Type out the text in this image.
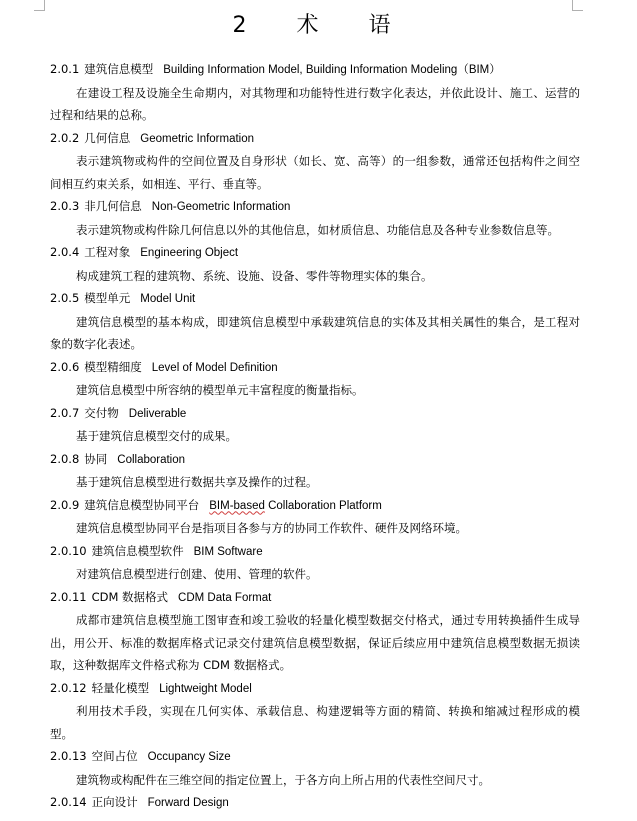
2　术　语
2.0.1 建筑信息模型 Building Information Model, Building Information Modeling（BIM）

在建设工程及设施全生命期内，对其物理和功能特性进行数字化表达，并依此设计、施工、运营的过程和结果的总称。

2.0.2 几何信息 Geometric Information

表示建筑物或构件的空间位置及自身形状（如长、宽、高等）的一组参数，通常还包括构件之间空间相互约束关系，如相连、平行、垂直等。

2.0.3 非几何信息 Non-Geometric Information

表示建筑物或构件除几何信息以外的其他信息，如材质信息、功能信息及各种专业参数信息等。

2.0.4 工程对象 Engineering Object

构成建筑工程的建筑物、系统、设施、设备、零件等物理实体的集合。

2.0.5 模型单元 Model Unit

建筑信息模型的基本构成，即建筑信息模型中承载建筑信息的实体及其相关属性的集合，是工程对象的数字化表述。

2.0.6 模型精细度 Level of Model Definition

建筑信息模型中所容纳的模型单元丰富程度的衡量指标。

2.0.7 交付物 Deliverable

基于建筑信息模型交付的成果。

2.0.8 协同 Collaboration

基于建筑信息模型进行数据共享及操作的过程。

2.0.9 建筑信息模型协同平台 BIM-based Collaboration Platform

建筑信息模型协同平台是指项目各参与方的协同工作软件、硬件及网络环境。

2.0.10 建筑信息模型软件 BIM Software

对建筑信息模型进行创建、使用、管理的软件。

2.0.11 CDM 数据格式 CDM Data Format

成都市建筑信息模型施工图审查和竣工验收的轻量化模型数据交付格式，通过专用转换插件生成导出，用公开、标准的数据库格式记录交付建筑信息模型数据，保证后续应用中建筑信息模型数据无损读取，这种数据库文件格式称为 CDM 数据格式。

2.0.12 轻量化模型 Lightweight Model

利用技术手段，实现在几何实体、承载信息、构建逻辑等方面的精简、转换和缩减过程形成的模型。

2.0.13 空间占位 Occupancy Size

建筑物或构配件在三维空间的指定位置上，于各方向上所占用的代表性空间尺寸。

2.0.14 正向设计 Forward Design
